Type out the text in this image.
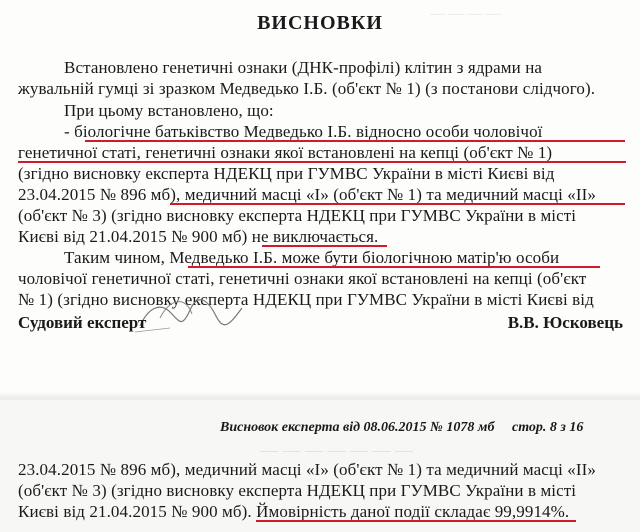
— — — —
— — — — — — —
ВИСНОВКИ
Встановлено генетичні ознаки (ДНК-профілі) клітин з ядрами на
жувальній гумці зі зразком Медведько І.Б. (об'єкт № 1) (з постанови слідчого).
При цьому встановлено, що:
- біологічне батьківство Медведько І.Б. відносно особи чоловічої
генетичної статі, генетичні ознаки якої встановлені на кепці (об'єкт № 1)
(згідно висновку експерта НДЕКЦ при ГУМВС України в місті Києві від
23.04.2015 № 896 мб), медичний масці «І» (об'єкт № 1) та медичний масці «ІІ»
(об'єкт № 3) (згідно висновку експерта НДЕКЦ при ГУМВС України в місті
Києві від 21.04.2015 № 900 мб) не виключається.
Таким чином, Медведько І.Б. може бути біологічною матір'ю особи
чоловічої генетичної статі, генетичні ознаки якої встановлені на кепці (об'єкт
№ 1) (згідно висновку експерта НДЕКЦ при ГУМВС України в місті Києві від
Судовий експерт	В.В. Юсковець
Висновок експерта від 08.06.2015 № 1078 мб стор. 8 з 16
23.04.2015 № 896 мб), медичний масці «І» (об'єкт № 1) та медичний масці «ІІ»
(об'єкт № 3) (згідно висновку експерта НДЕКЦ при ГУМВС України в місті
Києві від 21.04.2015 № 900 мб). Ймовірність даної події складає 99,9914%.
